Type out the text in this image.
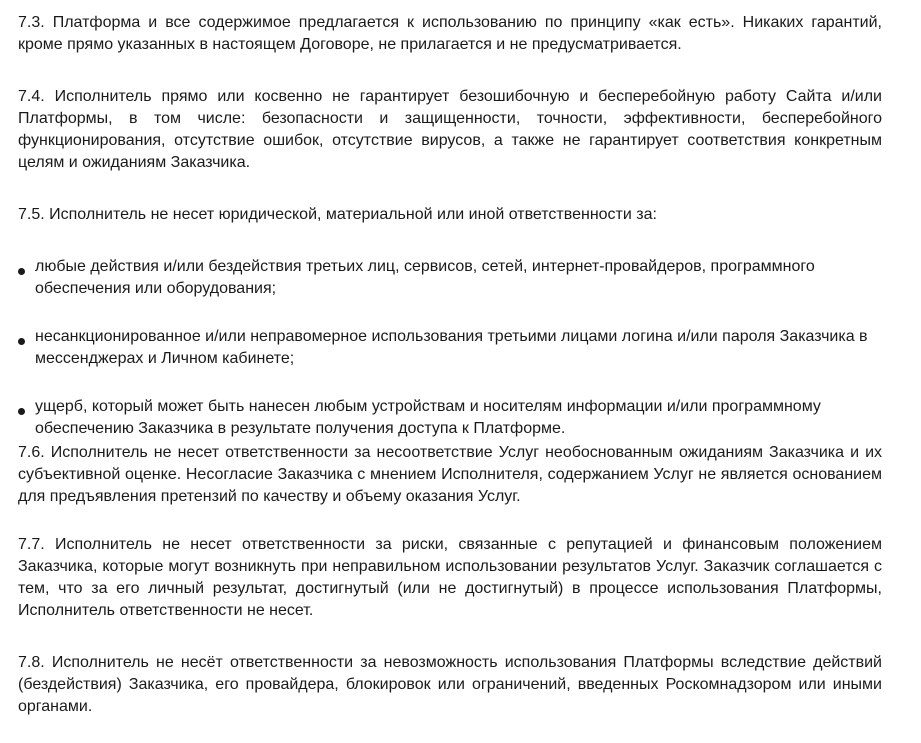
7.3. Платформа и все содержимое предлагается к использованию по принципу «как есть». Никаких гарантий, кроме прямо указанных в настоящем Договоре, не прилагается и не предусматривается.

7.4. Исполнитель прямо или косвенно не гарантирует безошибочную и бесперебойную работу Сайта и/или Платформы, в том числе: безопасности и защищенности, точности, эффективности, бесперебойного функционирования, отсутствие ошибок, отсутствие вирусов, а также не гарантирует соответствия конкретным целям и ожиданиям Заказчика.

7.5. Исполнитель не несет юридической, материальной или иной ответственности за:

любые действия и/или бездействия третьих лиц, сервисов, сетей, интернет-провайдеров, программного обеспечения или оборудования;
несанкционированное и/или неправомерное использования третьими лицами логина и/или пароля Заказчика в мессенджерах и Личном кабинете;
ущерб, который может быть нанесен любым устройствам и носителям информации и/или программному обеспечению Заказчика в результате получения доступа к Платформе.

7.6. Исполнитель не несет ответственности за несоответствие Услуг необоснованным ожиданиям Заказчика и их субъективной оценке. Несогласие Заказчика с мнением Исполнителя, содержанием Услуг не является основанием для предъявления претензий по качеству и объему оказания Услуг.

7.7. Исполнитель не несет ответственности за риски, связанные с репутацией и финансовым положением Заказчика, которые могут возникнуть при неправильном использовании результатов Услуг. Заказчик соглашается с тем, что за его личный результат, достигнутый (или не достигнутый) в процессе использования Платформы, Исполнитель ответственности не несет.

7.8. Исполнитель не несёт ответственности за невозможность использования Платформы вследствие действий (бездействия) Заказчика, его провайдера, блокировок или ограничений, введенных Роскомнадзором или иными органами.
